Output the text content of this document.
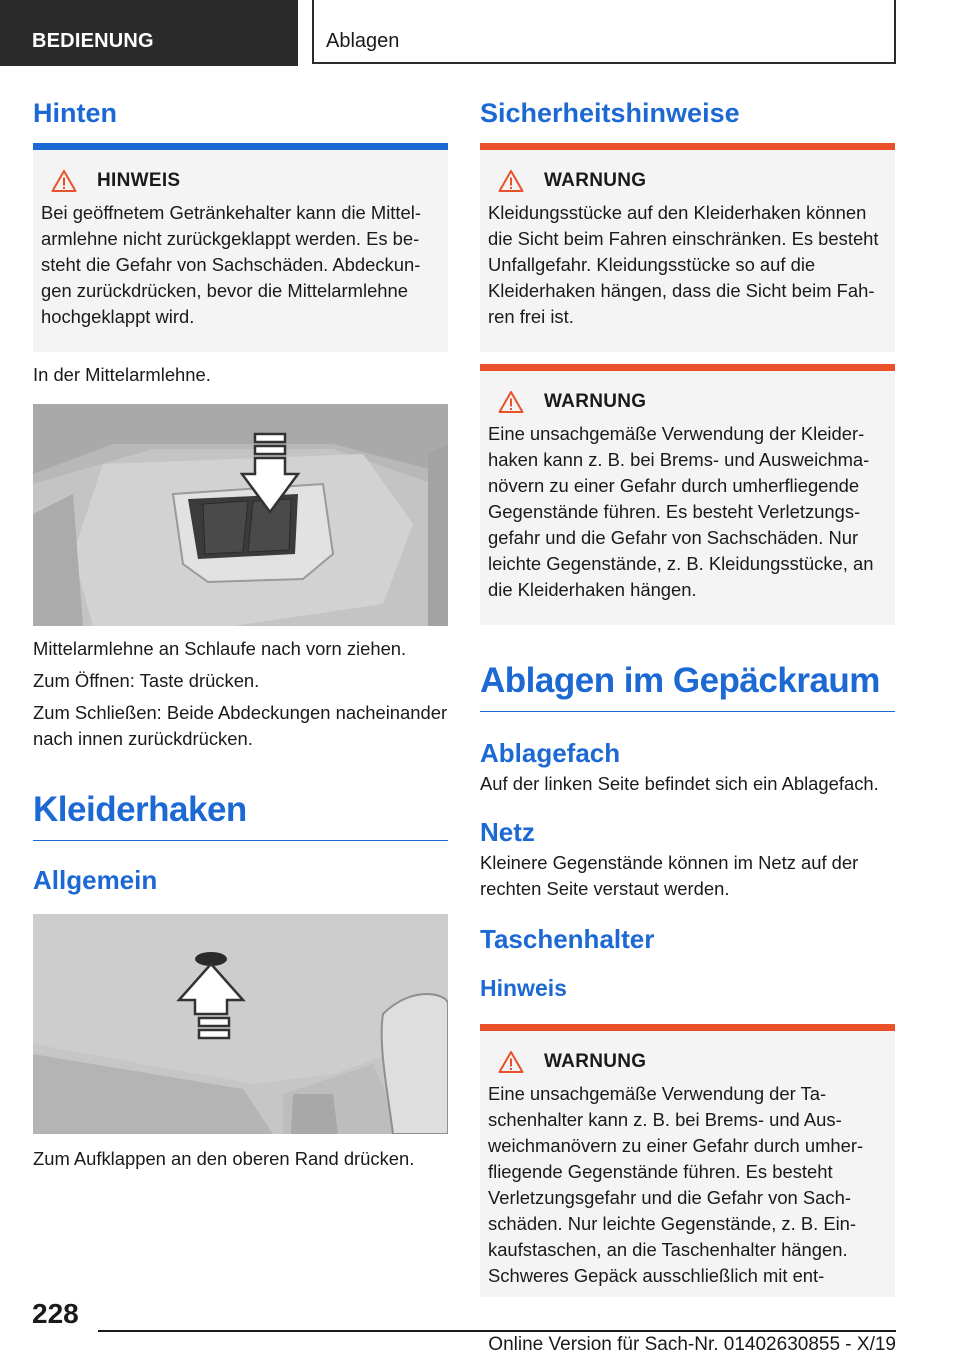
BEDIENUNG	Ablagen
Hinten
HINWEIS
Bei geöffnetem Getränkehalter kann die Mittelarmlehne nicht zurückgeklappt werden. Es besteht die Gefahr von Sachschäden. Abdeckungen zurückdrücken, bevor die Mittelarmlehne hochgeklappt wird.
In der Mittelarmlehne.
Mittelarmlehne an Schlaufe nach vorn ziehen.
Zum Öffnen: Taste drücken.
Zum Schließen: Beide Abdeckungen nacheinander nach innen zurückdrücken.
Kleiderhaken
Allgemein
Zum Aufklappen an den oberen Rand drücken.
Sicherheitshinweise
WARNUNG
Kleidungsstücke auf den Kleiderhaken können die Sicht beim Fahren einschränken. Es besteht Unfallgefahr. Kleidungsstücke so auf die Kleiderhaken hängen, dass die Sicht beim Fahren frei ist.
WARNUNG
Eine unsachgemäße Verwendung der Kleiderhaken kann z. B. bei Brems- und Ausweichmanövern zu einer Gefahr durch umherfliegende Gegenstände führen. Es besteht Verletzungsgefahr und die Gefahr von Sachschäden. Nur leichte Gegenstände, z. B. Kleidungsstücke, an die Kleiderhaken hängen.
Ablagen im Gepäckraum
Ablagefach
Auf der linken Seite befindet sich ein Ablagefach.
Netz
Kleinere Gegenstände können im Netz auf der rechten Seite verstaut werden.
Taschenhalter
Hinweis
WARNUNG
Eine unsachgemäße Verwendung der Taschenhalter kann z. B. bei Brems- und Ausweichmanövern zu einer Gefahr durch umherfliegende Gegenstände führen. Es besteht Verletzungsgefahr und die Gefahr von Sachschäden. Nur leichte Gegenstände, z. B. Einkaufstaschen, an die Taschenhalter hängen. Schweres Gepäck ausschließlich mit ent-
228
Online Version für Sach-Nr. 01402630855 - X/19
